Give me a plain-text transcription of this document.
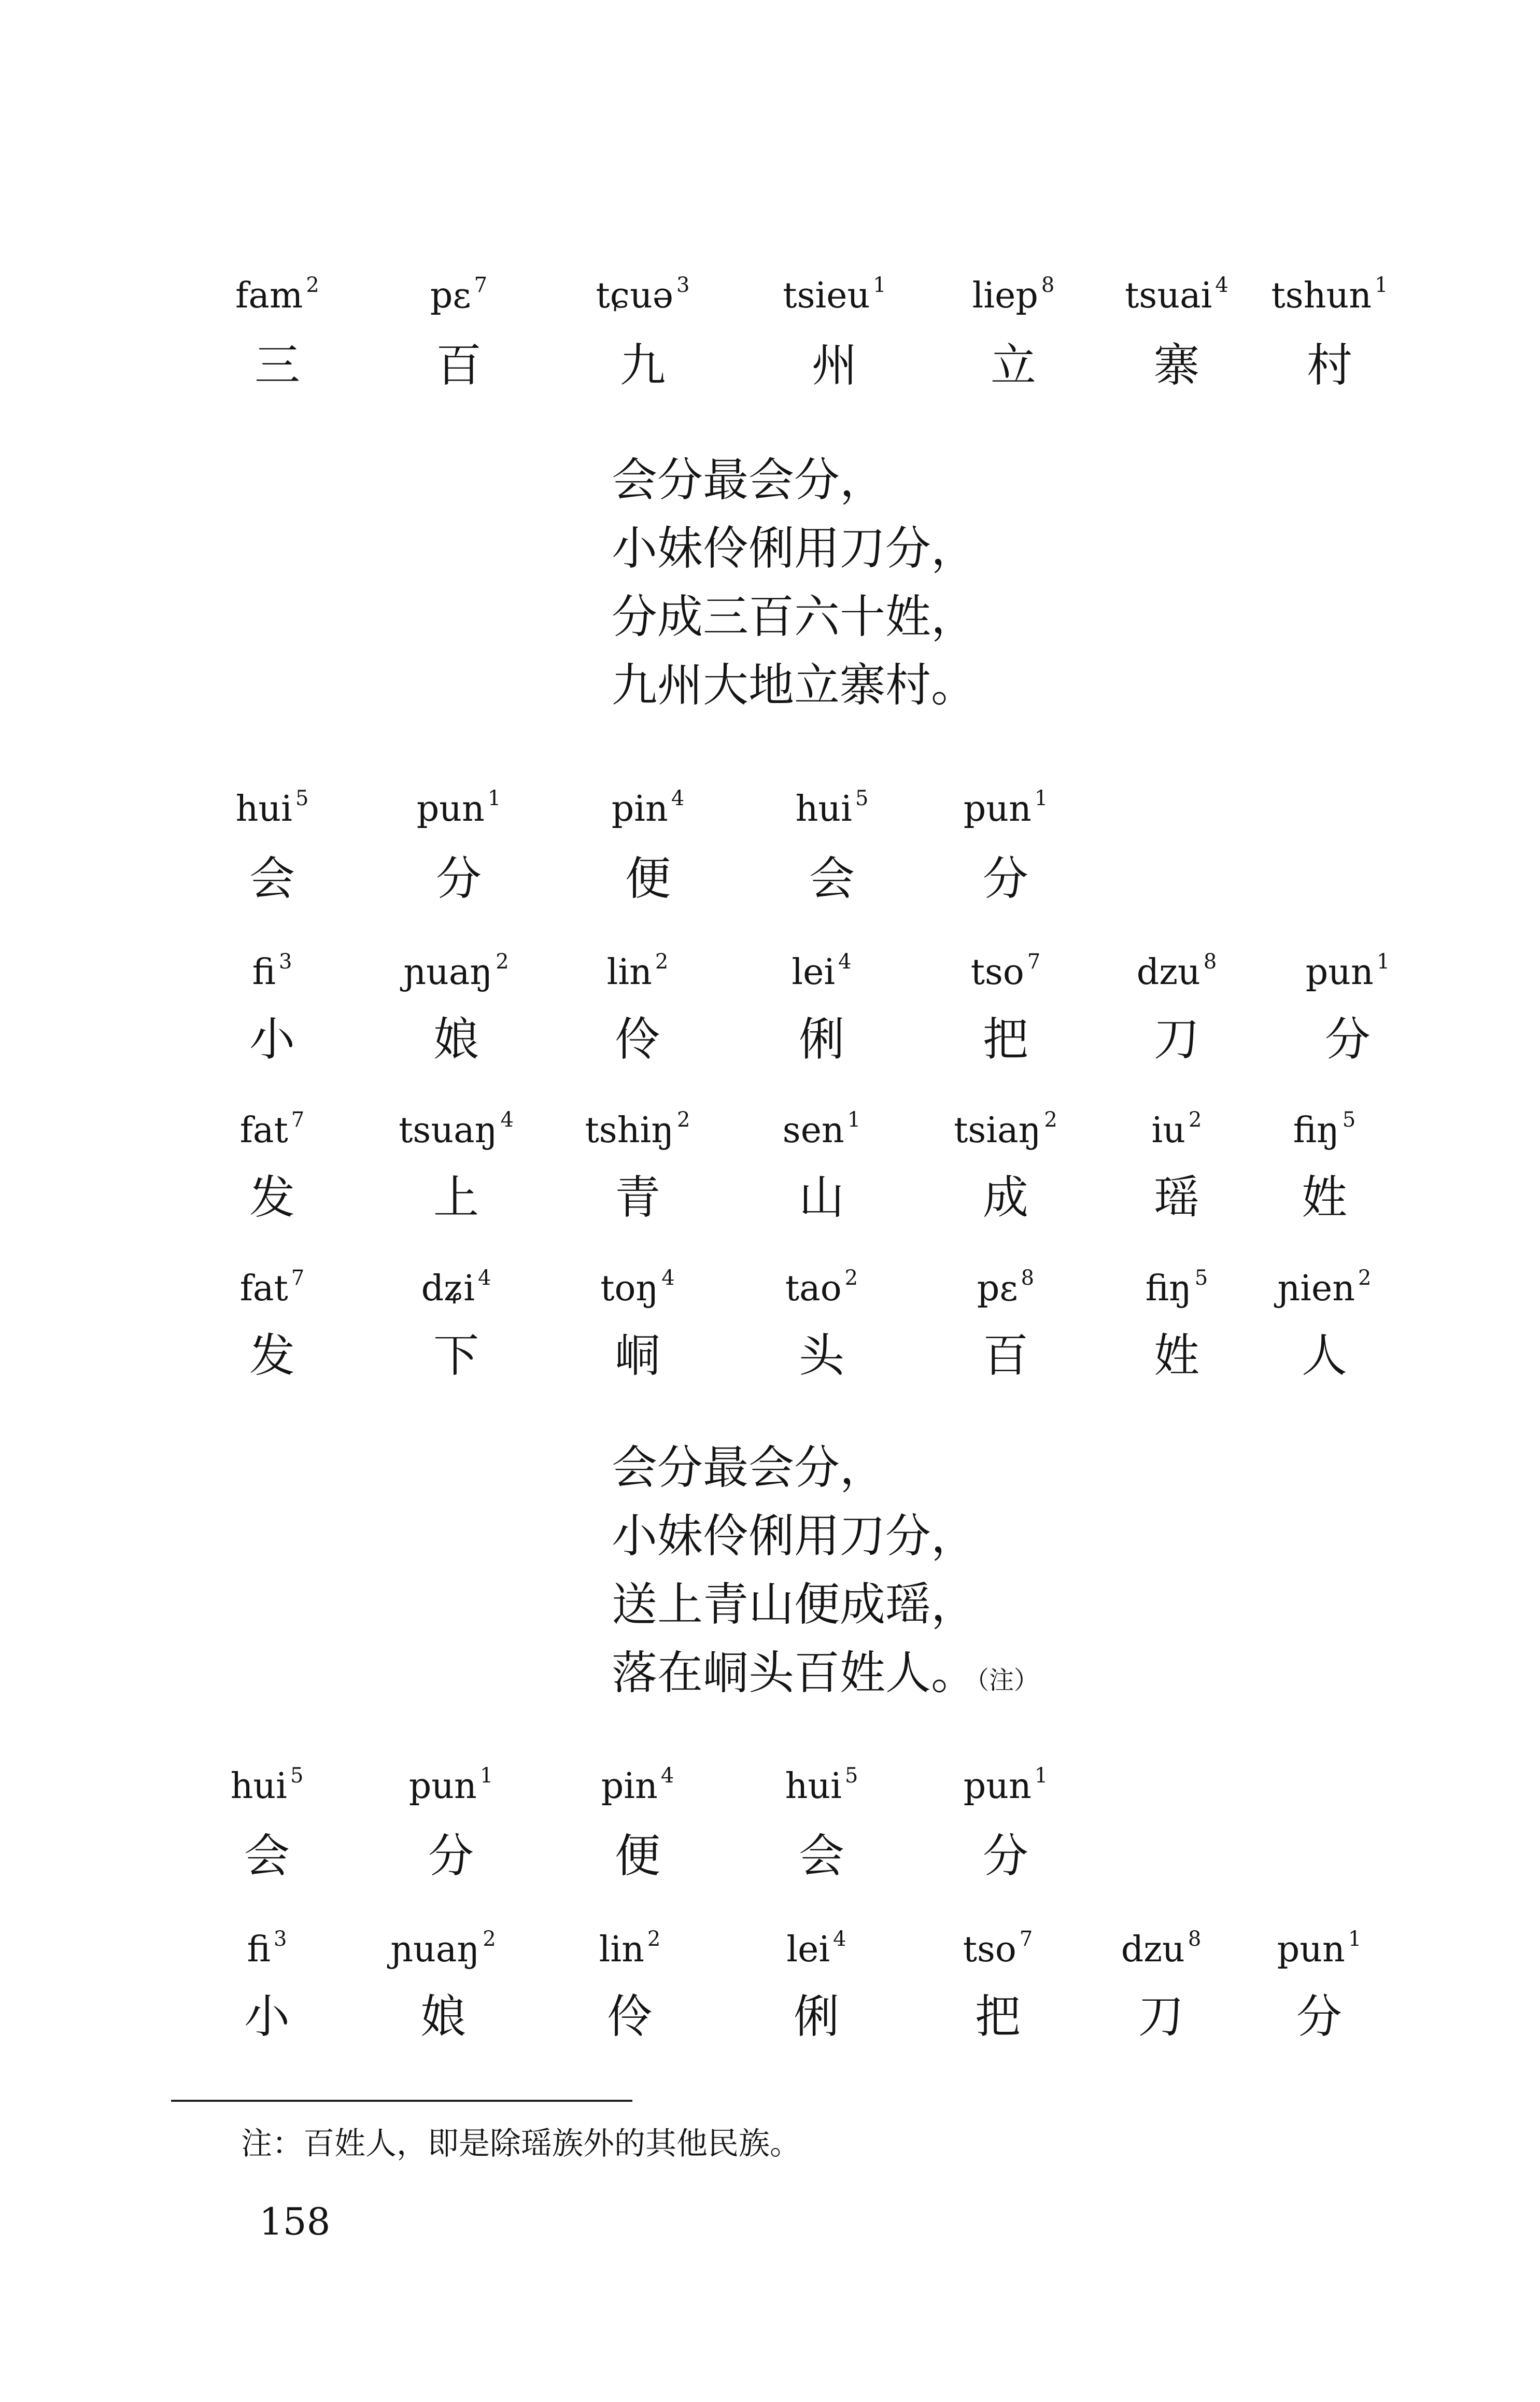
fam $^2$	pɛ $^7$	tɕuə $^3$	tsieu $^1$	liep $^8$	tsuai $^4$	tshun $^1$
三	百	九	州	立	寨	村

会分最会分，

小妹伶俐用刀分，

分成三百六十姓，

九州大地立寨村。

hui $^5$	pun $^1$	pin $^4$	hui $^5$	pun $^1$
会	分	便	会	分
fi $^3$	ɲuaŋ $^2$	lin $^2$	lei $^4$	tso $^7$	dzu $^8$	pun $^1$
小	娘	伶	俐	把	刀	分
fat $^7$	tsuaŋ $^4$	tshiŋ $^2$	sen $^1$	tsiaŋ $^2$	iu $^2$	fiŋ $^5$
发	上	青	山	成	瑶	姓
fat $^7$	dʑi $^4$	toŋ $^4$	tao $^2$	pɛ $^8$	fiŋ $^5$	ɲien $^2$
发	下	峒	头	百	姓	人

会分最会分，

小妹伶俐用刀分，

送上青山便成瑶，

落在峒头百姓人。（注）

hui $^5$	pun $^1$	pin $^4$	hui $^5$	pun $^1$
会	分	便	会	分
fi $^3$	ɲuaŋ $^2$	lin $^2$	lei $^4$	tso $^7$	dzu $^8$	pun $^1$
小	娘	伶	俐	把	刀	分
注：百姓人，即是除瑶族外的其他民族。
158
